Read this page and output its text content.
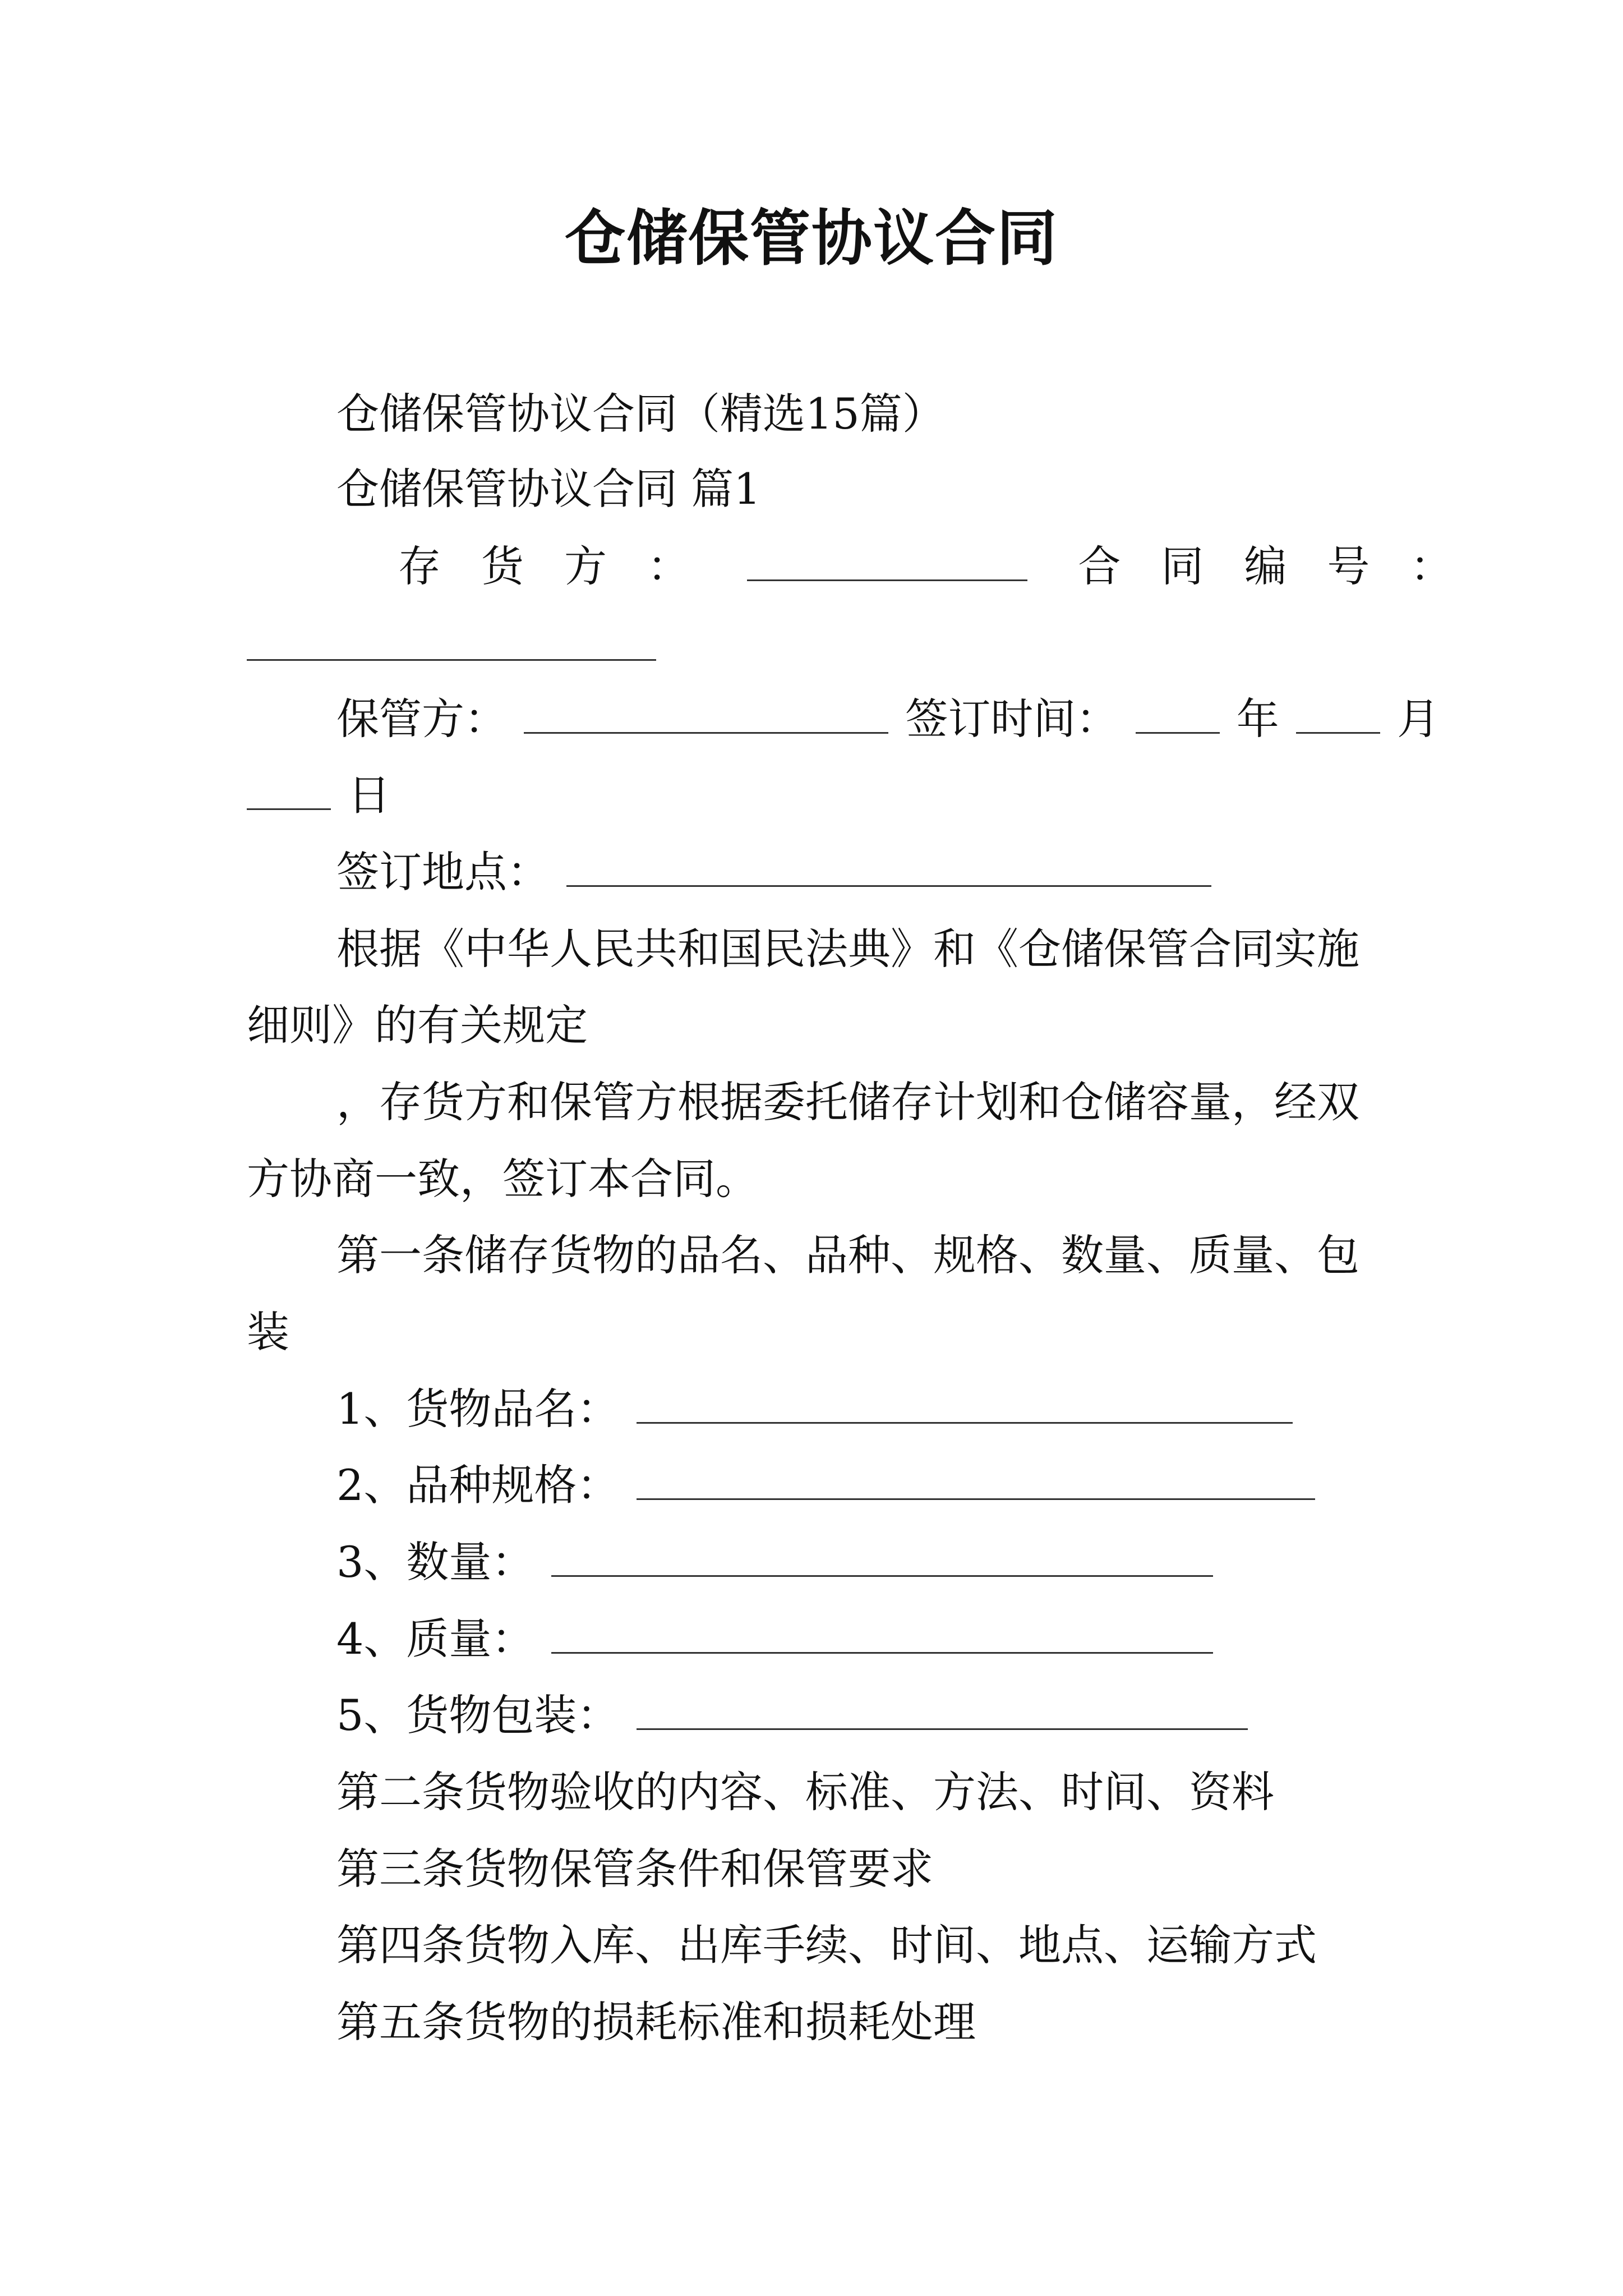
仓储保管协议合同
仓储保管协议合同（精选15篇）
仓储保管协议合同 篇1
存货方：	合同编号：
保管方：	签订时间：	年	月
日
签订地点：
根据《中华人民共和国民法典》和《仓储保管合同实施
细则》的有关规定
，存货方和保管方根据委托储存计划和仓储容量，经双
方协商一致，签订本合同。
第一条储存货物的品名、品种、规格、数量、质量、包
装
1、货物品名：
2、品种规格：
3、数量：
4、质量：
5、货物包装：
第二条货物验收的内容、标准、方法、时间、资料
第三条货物保管条件和保管要求
第四条货物入库、出库手续、时间、地点、运输方式
第五条货物的损耗标准和损耗处理
